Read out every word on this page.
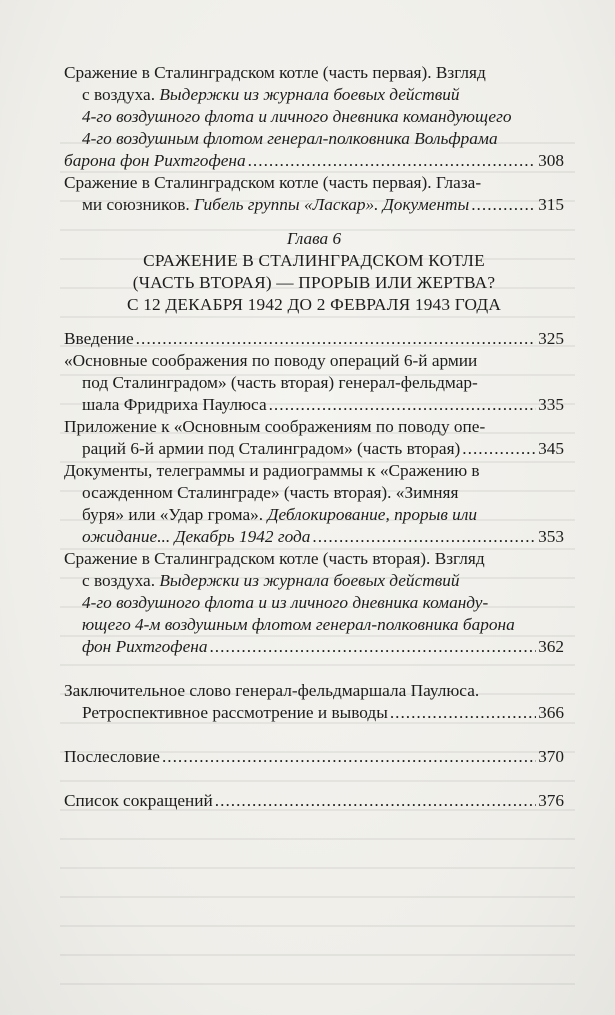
Сражение в Сталинградском котле (часть первая). Взгляд
с воздуха. Выдержки из журнала боевых действий
4-го воздушного флота и личного дневника командующего
4-го воздушным флотом генерал-полковника Вольфрама
барона фон Рихтгофена .....	308
Сражение в Сталинградском котле (часть первая). Глаза-
ми союзников. Гибель группы «Ласкар». Документы .....	315
Глава 6
СРАЖЕНИЕ В СТАЛИНГРАДСКОМ КОТЛЕ
(ЧАСТЬ ВТОРАЯ) — ПРОРЫВ ИЛИ ЖЕРТВА?
С 12 ДЕКАБРЯ 1942 ДО 2 ФЕВРАЛЯ 1943 ГОДА
Введение .....	325
«Основные соображения по поводу операций 6-й армии
под Сталинградом» (часть вторая) генерал-фельдмар-
шала Фридриха Паулюса .....	335
Приложение к «Основным соображениям по поводу опе-
раций 6-й армии под Сталинградом» (часть вторая) .....	345
Документы, телеграммы и радиограммы к «Сражению в
осажденном Сталинграде» (часть вторая). «Зимняя
буря» или «Удар грома». Деблокирование, прорыв или
ожидание... Декабрь 1942 года .....	353
Сражение в Сталинградском котле (часть вторая). Взгляд
с воздуха. Выдержки из журнала боевых действий
4-го воздушного флота и из личного дневника команду-
ющего 4-м воздушным флотом генерал-полковника барона
фон Рихтгофена .....	362
Заключительное слово генерал-фельдмаршала Паулюса.
Ретроспективное рассмотрение и выводы .....	366
Послесловие .....	370
Список сокращений .....	376
